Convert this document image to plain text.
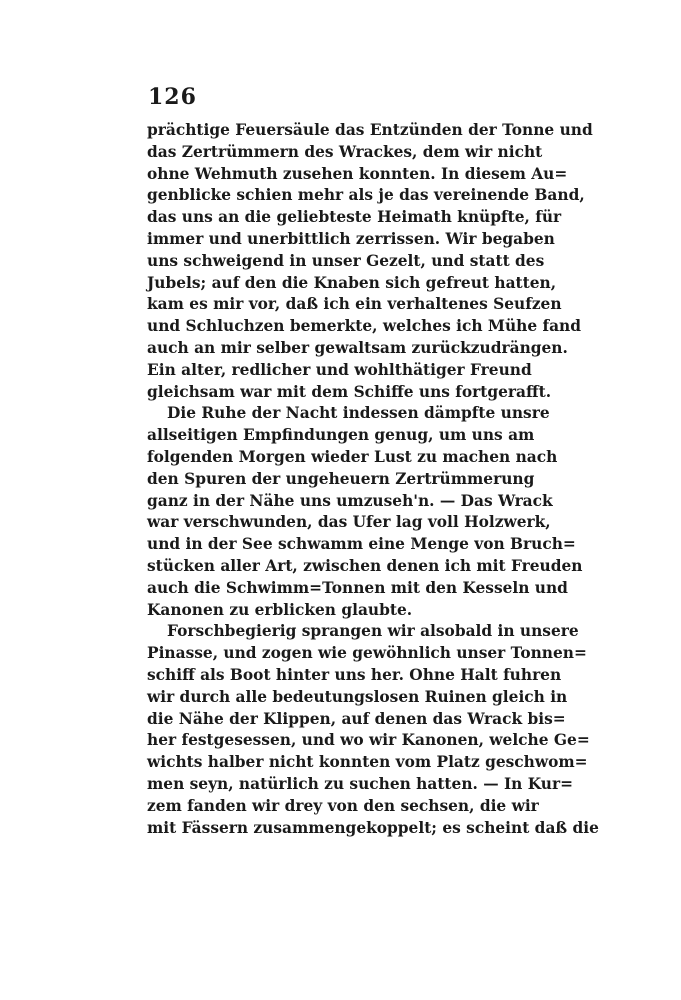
126
prächtige Feuersäule das Entzünden der Tonne und
das Zertrümmern des Wrackes, dem wir nicht
ohne Wehmuth zusehen konnten. In diesem Au=
genblicke schien mehr als je das vereinende Band,
das uns an die geliebteste Heimath knüpfte, für
immer und unerbittlich zerrissen. Wir begaben
uns schweigend in unser Gezelt, und statt des
Jubels; auf den die Knaben sich gefreut hatten,
kam es mir vor, daß ich ein verhaltenes Seufzen
und Schluchzen bemerkte, welches ich Mühe fand
auch an mir selber gewaltsam zurückzudrängen.
Ein alter, redlicher und wohlthätiger Freund
gleichsam war mit dem Schiffe uns fortgerafft.
Die Ruhe der Nacht indessen dämpfte unsre
allseitigen Empfindungen genug, um uns am
folgenden Morgen wieder Lust zu machen nach
den Spuren der ungeheuern Zertrümmerung
ganz in der Nähe uns umzuseh'n. — Das Wrack
war verschwunden, das Ufer lag voll Holzwerk,
und in der See schwamm eine Menge von Bruch=
stücken aller Art, zwischen denen ich mit Freuden
auch die Schwimm=Tonnen mit den Kesseln und
Kanonen zu erblicken glaubte.
Forschbegierig sprangen wir alsobald in unsere
Pinasse, und zogen wie gewöhnlich unser Tonnen=
schiff als Boot hinter uns her. Ohne Halt fuhren
wir durch alle bedeutungslosen Ruinen gleich in
die Nähe der Klippen, auf denen das Wrack bis=
her festgesessen, und wo wir Kanonen, welche Ge=
wichts halber nicht konnten vom Platz geschwom=
men seyn, natürlich zu suchen hatten. — In Kur=
zem fanden wir drey von den sechsen, die wir
mit Fässern zusammengekoppelt; es scheint daß die
